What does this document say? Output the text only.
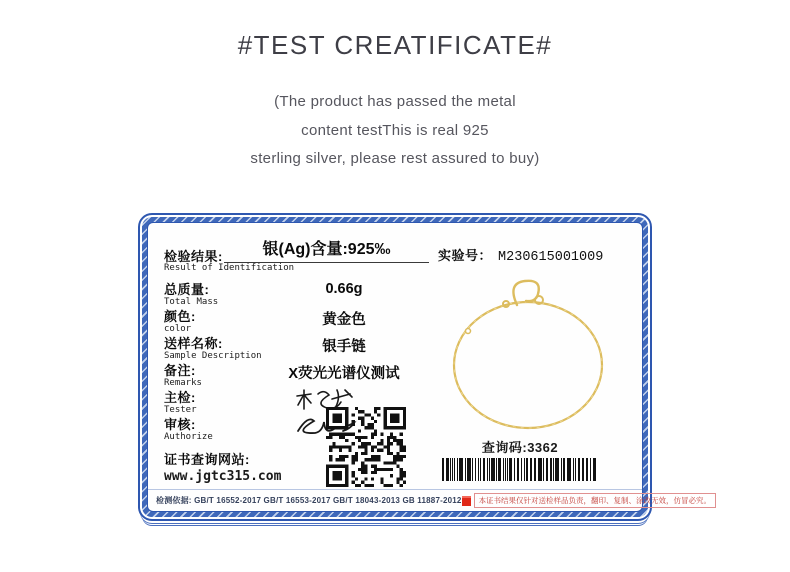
#TEST CREATIFICATE#
(The product has passed the metal
content testThis is real 925
sterling silver, please rest assured to buy)
检验结果:	银(Ag)含量:925‰
Result of Identification
总质量:
Total Mass
0.66g
颜色:
color
黄金色
送样名称:
Sample Description
银手链
备注:
Remarks
X荧光光谱仪测试
主检:
Tester
审核:
Authorize
证书查询网站:
www.jgtc315.com
实验号： M230615001009
查询码:3362
检测依据: GB/T 16552-2017 GB/T 16553-2017 GB/T 18043-2013 GB 11887-2012	本证书结果仅针对送检样品负责，翻印、复制、涂改无效，仿冒必究。
